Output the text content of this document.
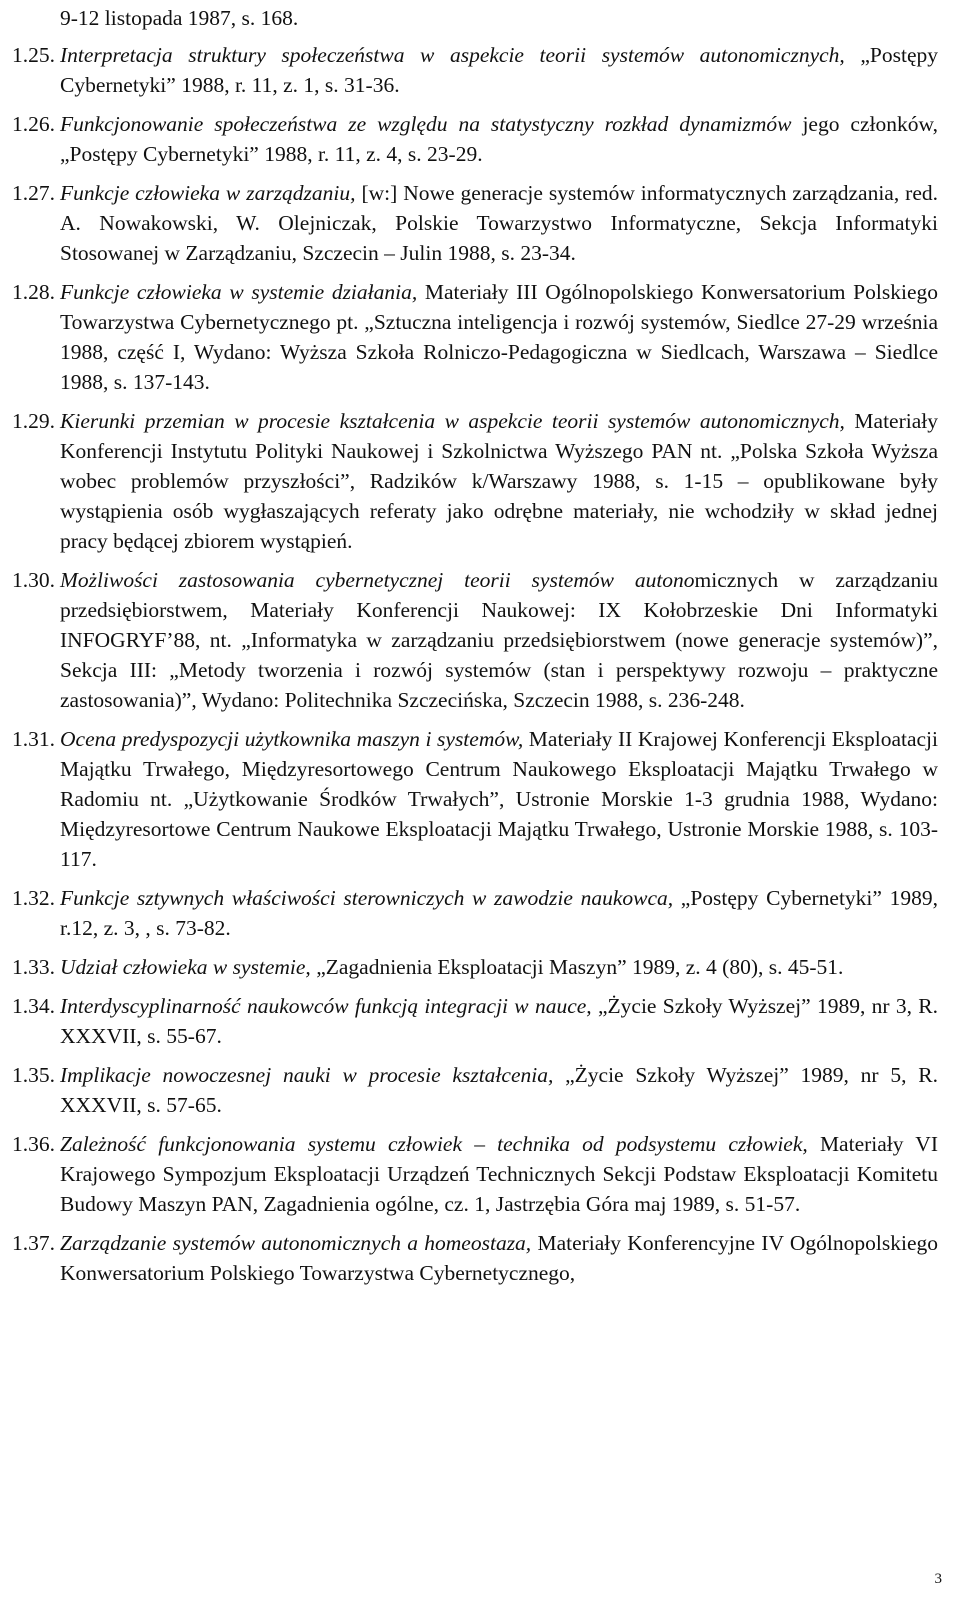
9-12 listopada 1987, s. 168.

1.25. Interpretacja struktury społeczeństwa w aspekcie teorii systemów autonomicznych, „Postępy Cybernetyki” 1988, r. 11, z. 1, s. 31-36.
1.26. Funkcjonowanie społeczeństwa ze względu na statystyczny rozkład dynamizmów jego członków, „Postępy Cybernetyki” 1988, r. 11, z. 4, s. 23-29.
1.27. Funkcje człowieka w zarządzaniu, [w:] Nowe generacje systemów informatycznych zarządzania, red. A. Nowakowski, W. Olejniczak, Polskie Towarzystwo Informatyczne, Sekcja Informatyki Stosowanej w Zarządzaniu, Szczecin – Julin 1988, s. 23-34.
1.28. Funkcje człowieka w systemie działania, Materiały III Ogólnopolskiego Konwersatorium Polskiego Towarzystwa Cybernetycznego pt. „Sztuczna inteligencja i rozwój systemów, Siedlce 27-29 września 1988, część I, Wydano: Wyższa Szkoła Rolniczo-Pedagogiczna w Siedlcach, Warszawa – Siedlce 1988, s. 137-143.
1.29. Kierunki przemian w procesie kształcenia w aspekcie teorii systemów autonomicznych, Materiały Konferencji Instytutu Polityki Naukowej i Szkolnictwa Wyższego PAN nt. „Polska Szkoła Wyższa wobec problemów przyszłości”, Radzików k/Warszawy 1988, s. 1-15 – opublikowane były wystąpienia osób wygłaszających referaty jako odrębne materiały, nie wchodziły w skład jednej pracy będącej zbiorem wystąpień.
1.30. Możliwości zastosowania cybernetycznej teorii systemów autonomicznych w zarządzaniu przedsiębiorstwem, Materiały Konferencji Naukowej: IX Kołobrzeskie Dni Informatyki INFOGRYF’88, nt. „Informatyka w zarządzaniu przedsiębiorstwem (nowe generacje systemów)”, Sekcja III: „Metody tworzenia i rozwój systemów (stan i perspektywy rozwoju – praktyczne zastosowania)”, Wydano: Politechnika Szczecińska, Szczecin 1988, s. 236-248.
1.31. Ocena predyspozycji użytkownika maszyn i systemów, Materiały II Krajowej Konferencji Eksploatacji Majątku Trwałego, Międzyresortowego Centrum Naukowego Eksploatacji Majątku Trwałego w Radomiu nt. „Użytkowanie Środków Trwałych”, Ustronie Morskie 1-3 grudnia 1988, Wydano: Międzyresortowe Centrum Naukowe Eksploatacji Majątku Trwałego, Ustronie Morskie 1988, s. 103-117.
1.32. Funkcje sztywnych właściwości sterowniczych w zawodzie naukowca, „Postępy Cybernetyki” 1989, r.12, z. 3, , s. 73-82.
1.33. Udział człowieka w systemie, „Zagadnienia Eksploatacji Maszyn” 1989, z. 4 (80), s. 45-51.
1.34. Interdyscyplinarność naukowców funkcją integracji w nauce, „Życie Szkoły Wyższej” 1989, nr 3, R. XXXVII, s. 55-67.
1.35. Implikacje nowoczesnej nauki w procesie kształcenia, „Życie Szkoły Wyższej” 1989, nr 5, R. XXXVII, s. 57-65.
1.36. Zależność funkcjonowania systemu człowiek – technika od podsystemu człowiek, Materiały VI Krajowego Sympozjum Eksploatacji Urządzeń Technicznych Sekcji Podstaw Eksploatacji Komitetu Budowy Maszyn PAN, Zagadnienia ogólne, cz. 1, Jastrzębia Góra maj 1989, s. 51-57.
1.37. Zarządzanie systemów autonomicznych a homeostaza, Materiały Konferencyjne IV Ogólnopolskiego Konwersatorium Polskiego Towarzystwa Cybernetycznego,
3
